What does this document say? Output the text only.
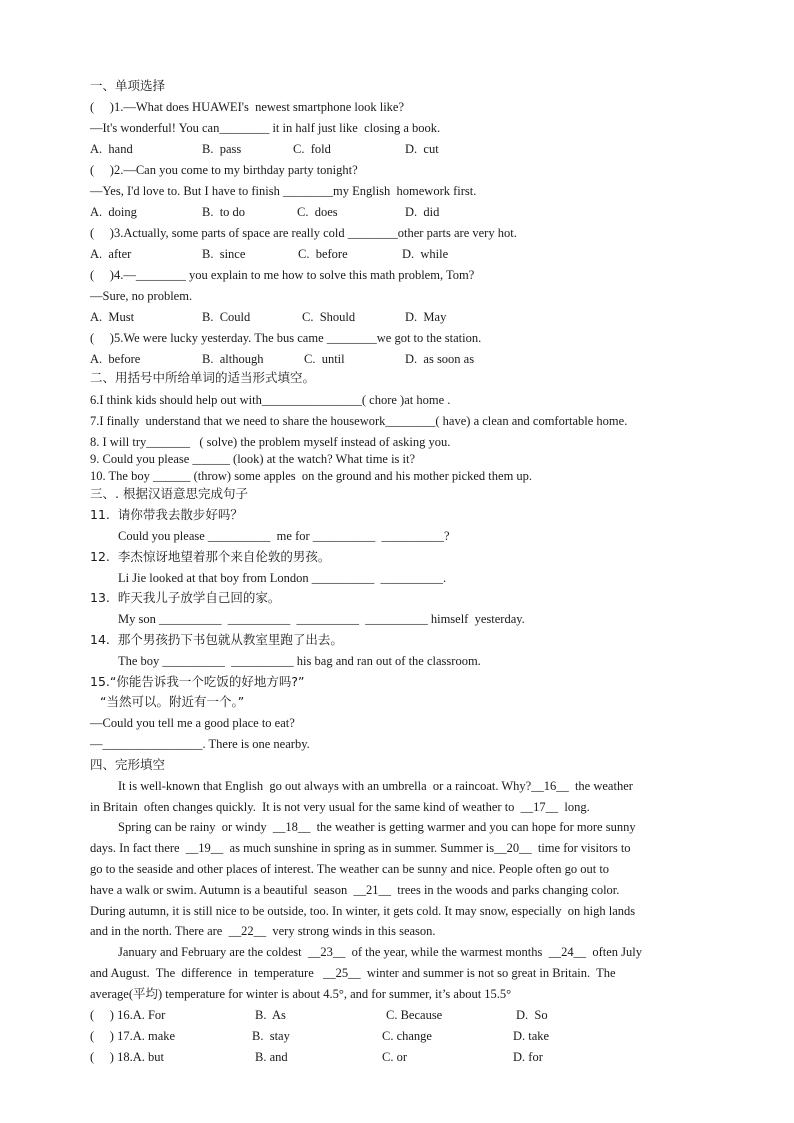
一、单项选择
(     )1.—What does HUAWEI's  newest smartphone look like?
—It's wonderful! You can________ it in half just like  closing a book.
A.  hand	B.  pass	C.  fold	D.  cut
(     )2.—Can you come to my birthday party tonight?
—Yes, I'd love to. But I have to finish ________my English  homework first.
A.  doing	B.  to do	C.  does	D.  did
(     )3.Actually, some parts of space are really cold ________other parts are very hot.
A.  after	B.  since	C.  before	D.  while
(     )4.—________ you explain to me how to solve this math problem, Tom?
—Sure, no problem.
A.  Must	B.  Could	C.  Should	D.  May
(     )5.We were lucky yesterday. The bus came ________we got to the station.
A.  before	B.  although	C.  until	D.  as soon as
二、用括号中所给单词的适当形式填空。
6.I think kids should help out with________________( chore )at home .
7.I finally  understand that we need to share the housework________( have) a clean and comfortable home.
8. I will try_______   ( solve) the problem myself instead of asking you.
9. Could you please ______ (look) at the watch? What time is it?
10. The boy ______ (throw) some apples  on the ground and his mother picked them up.
三、. 根据汉语意思完成句子
11.  请你带我去散步好吗？
Could you please __________  me for __________  __________?
12.  李杰惊讶地望着那个来自伦敦的男孩。
Li Jie looked at that boy from London __________  __________.
13.  昨天我儿子放学自己回的家。
My son __________  __________  __________  __________ himself  yesterday.
14.  那个男孩扔下书包就从教室里跑了出去。
The boy __________  __________ his bag and ran out of the classroom.
15.“你能告诉我一个吃饭的好地方吗?”
“当然可以。附近有一个。”
—Could you tell me a good place to eat?
—________________. There is one nearby.
四、完形填空
It is well-known that English  go out always with an umbrella  or a raincoat. Why?__16__  the weather
in Britain  often changes quickly.  It is not very usual for the same kind of weather to  __17__  long.
Spring can be rainy  or windy  __18__  the weather is getting warmer and you can hope for more sunny
days. In fact there  __19__  as much sunshine in spring as in summer. Summer is__20__  time for visitors to
go to the seaside and other places of interest. The weather can be sunny and nice. People often go out to
have a walk or swim. Autumn is a beautiful  season  __21__  trees in the woods and parks changing color.
During autumn, it is still nice to be outside, too. In winter, it gets cold. It may snow, especially  on high lands
and in the north. There are  __22__  very strong winds in this season.
January and February are the coldest  __23__  of the year, while the warmest months  __24__  often July
and August.  The  difference  in  temperature   __25__  winter and summer is not so great in Britain.  The
average(平均) temperature for winter is about 4.5°, and for summer, it’s about 15.5°
(     ) 16.A. For	B.  As	C. Because	D.  So
(     ) 17.A. make	B.  stay	C. change	D. take
(     ) 18.A. but	B. and	C. or	D. for
